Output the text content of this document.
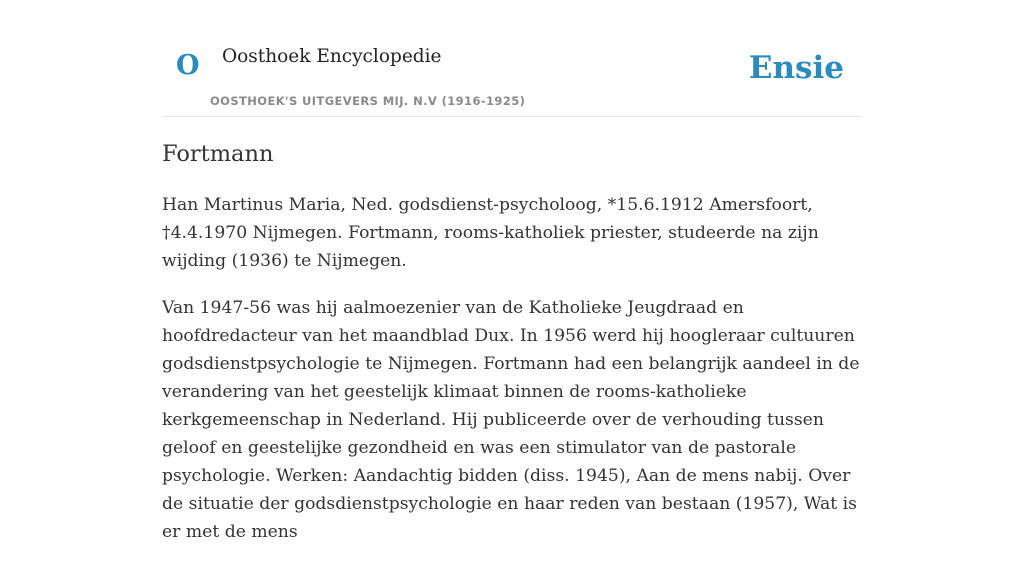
O Oosthoek Encyclopedie
OOSTHOEK'S UITGEVERS MIJ. N.V (1916-1925)
Ensie
Fortmann

Han Martinus Maria, Ned. godsdienst-psycholoog, *15.6.1912 Amersfoort, †4.4.1970 Nijmegen. Fortmann, rooms-katholiek priester, studeerde na zijn wijding (1936) te Nijmegen.

Van 1947-56 was hij aalmoezenier van de Katholieke Jeugdraad en hoofdredacteur van het maandblad Dux. In 1956 werd hij hoogleraar cultuuren godsdienstpsychologie te Nijmegen. Fortmann had een belangrijk aandeel in de verandering van het geestelijk klimaat binnen de rooms-katholieke kerkgemeenschap in Nederland. Hij publiceerde over de verhouding tussen geloof en geestelijke gezondheid en was een stimulator van de pastorale psychologie. Werken: Aandachtig bidden (diss. 1945), Aan de mens nabij. Over de situatie der godsdienstpsychologie en haar reden van bestaan (1957), Wat is er met de mens
